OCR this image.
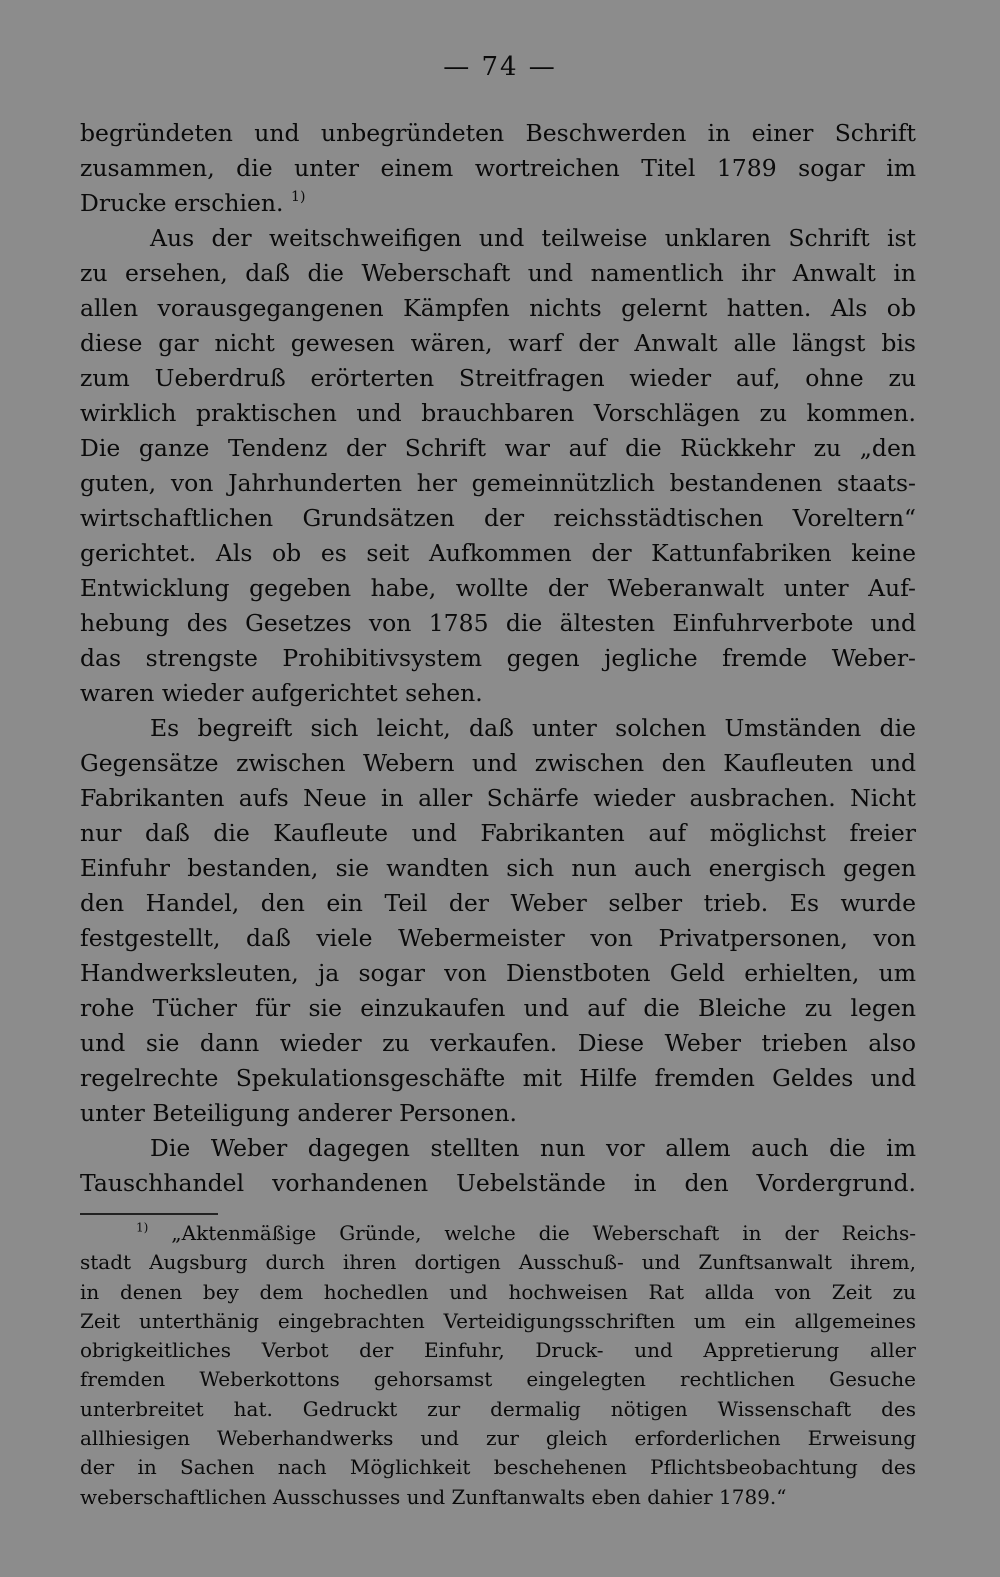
— 74 —
begründeten und unbegründeten Beschwerden in einer Schrift
zusammen, die unter einem wortreichen Titel 1789 sogar im
Drucke erschien. $^{1)}$
Aus der weitschweifigen und teilweise unklaren Schrift ist
zu ersehen, daß die Weberschaft und namentlich ihr Anwalt in
allen vorausgegangenen Kämpfen nichts gelernt hatten. Als ob
diese gar nicht gewesen wären, warf der Anwalt alle längst bis
zum Ueberdruß erörterten Streitfragen wieder auf, ohne zu
wirklich praktischen und brauchbaren Vorschlägen zu kommen.
Die ganze Tendenz der Schrift war auf die Rückkehr zu „den
guten, von Jahrhunderten her gemeinnützlich bestandenen staats-
wirtschaftlichen Grundsätzen der reichsstädtischen Voreltern“
gerichtet. Als ob es seit Aufkommen der Kattunfabriken keine
Entwicklung gegeben habe, wollte der Weberanwalt unter Auf-
hebung des Gesetzes von 1785 die ältesten Einfuhrverbote und
das strengste Prohibitivsystem gegen jegliche fremde Weber-
waren wieder aufgerichtet sehen.
Es begreift sich leicht, daß unter solchen Umständen die
Gegensätze zwischen Webern und zwischen den Kaufleuten und
Fabrikanten aufs Neue in aller Schärfe wieder ausbrachen. Nicht
nur daß die Kaufleute und Fabrikanten auf möglichst freier
Einfuhr bestanden, sie wandten sich nun auch energisch gegen
den Handel, den ein Teil der Weber selber trieb. Es wurde
festgestellt, daß viele Webermeister von Privatpersonen, von
Handwerksleuten, ja sogar von Dienstboten Geld erhielten, um
rohe Tücher für sie einzukaufen und auf die Bleiche zu legen
und sie dann wieder zu verkaufen. Diese Weber trieben also
regelrechte Spekulationsgeschäfte mit Hilfe fremden Geldes und
unter Beteiligung anderer Personen.
Die Weber dagegen stellten nun vor allem auch die im
Tauschhandel vorhandenen Uebelstände in den Vordergrund.
$^{1)}$ „Aktenmäßige Gründe, welche die Weberschaft in der Reichs-
stadt Augsburg durch ihren dortigen Ausschuß- und Zunftsanwalt ihrem,
in denen bey dem hochedlen und hochweisen Rat allda von Zeit zu
Zeit unterthänig eingebrachten Verteidigungsschriften um ein allgemeines
obrigkeitliches Verbot der Einfuhr, Druck- und Appretierung aller
fremden Weberkottons gehorsamst eingelegten rechtlichen Gesuche
unterbreitet hat. Gedruckt zur dermalig nötigen Wissenschaft des
allhiesigen Weberhandwerks und zur gleich erforderlichen Erweisung
der in Sachen nach Möglichkeit beschehenen Pflichtsbeobachtung des
weberschaftlichen Ausschusses und Zunftanwalts eben dahier 1789.“
